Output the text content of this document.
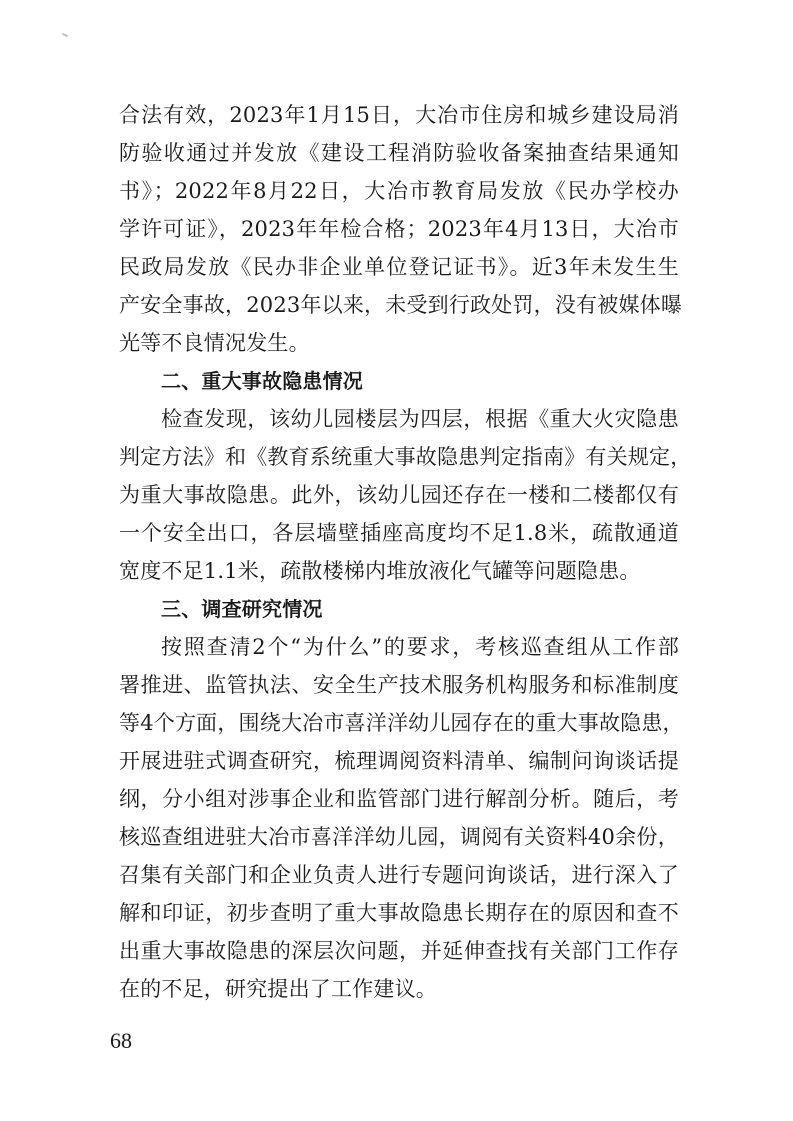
合法有效，2023年1月15日，大冶市住房和城乡建设局消
防验收通过并发放《建设工程消防验收备案抽查结果通知
书》；2022年8月22日，大冶市教育局发放《民办学校办
学许可证》，2023年年检合格；2023年4月13日，大冶市
民政局发放《民办非企业单位登记证书》。近3年未发生生
产安全事故，2023年以来，未受到行政处罚，没有被媒体曝
光等不良情况发生。
二、重大事故隐患情况
检查发现，该幼儿园楼层为四层，根据《重大火灾隐患
判定方法》和《教育系统重大事故隐患判定指南》有关规定，
为重大事故隐患。此外，该幼儿园还存在一楼和二楼都仅有
一个安全出口，各层墙壁插座高度均不足1.8米，疏散通道
宽度不足1.1米，疏散楼梯内堆放液化气罐等问题隐患。
三、调查研究情况
按照查清2个“为什么”的要求，考核巡查组从工作部
署推进、监管执法、安全生产技术服务机构服务和标准制度
等4个方面，围绕大冶市喜洋洋幼儿园存在的重大事故隐患，
开展进驻式调查研究，梳理调阅资料清单、编制问询谈话提
纲，分小组对涉事企业和监管部门进行解剖分析。随后，考
核巡查组进驻大冶市喜洋洋幼儿园，调阅有关资料40余份，
召集有关部门和企业负责人进行专题问询谈话，进行深入了
解和印证，初步查明了重大事故隐患长期存在的原因和查不
出重大事故隐患的深层次问题，并延伸查找有关部门工作存
在的不足，研究提出了工作建议。
68
